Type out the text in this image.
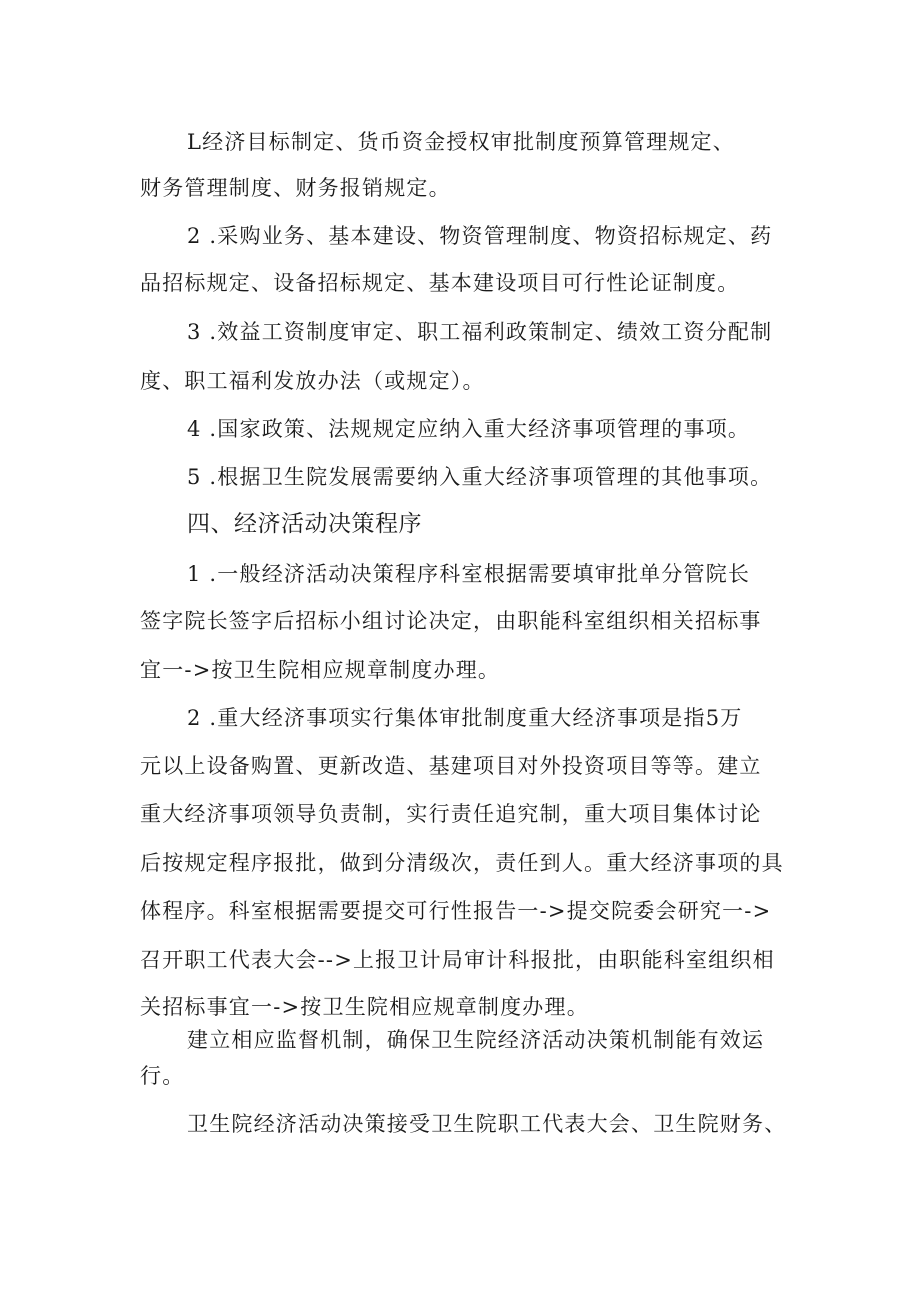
L经济目标制定、货币资金授权审批制度预算管理规定、
财务管理制度、财务报销规定。
2 .采购业务、基本建设、物资管理制度、物资招标规定、药
品招标规定、设备招标规定、基本建设项目可行性论证制度。
3 .效益工资制度审定、职工福利政策制定、绩效工资分配制
度、职工福利发放办法（或规定）。
4 .国家政策、法规规定应纳入重大经济事项管理的事项。
5 .根据卫生院发展需要纳入重大经济事项管理的其他事项。
四、经济活动决策程序
1 .一般经济活动决策程序科室根据需要填审批单分管院长
签字院长签字后招标小组讨论决定，由职能科室组织相关招标事
宜一->按卫生院相应规章制度办理。
2 .重大经济事项实行集体审批制度重大经济事项是指5万
元以上设备购置、更新改造、基建项目对外投资项目等等。建立
重大经济事项领导负责制，实行责任追究制，重大项目集体讨论
后按规定程序报批，做到分清级次，责任到人。重大经济事项的具
体程序。科室根据需要提交可行性报告一->提交院委会研究一->
召开职工代表大会-->上报卫计局审计科报批，由职能科室组织相
关招标事宜一->按卫生院相应规章制度办理。
建立相应监督机制，确保卫生院经济活动决策机制能有效运
行。
卫生院经济活动决策接受卫生院职工代表大会、卫生院财务、
